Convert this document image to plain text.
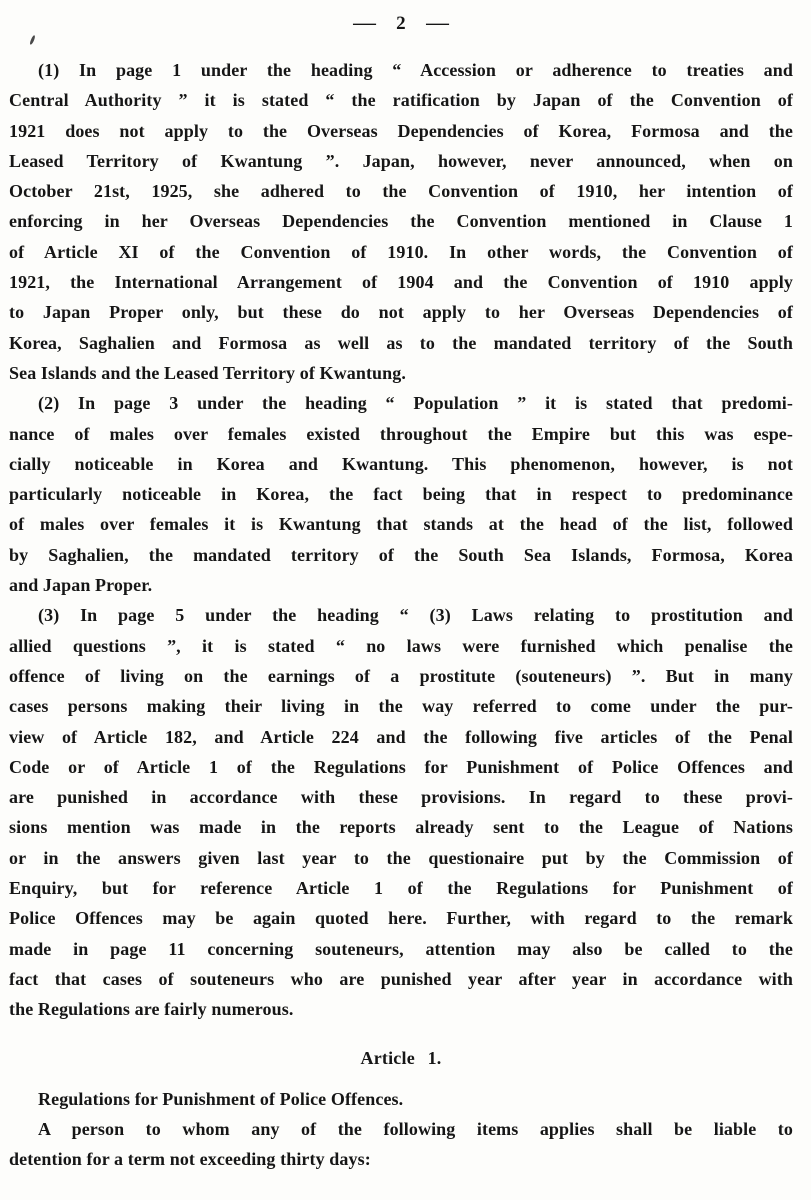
— 2 —
(1) In page 1 under the heading “ Accession or adherence to treaties and
Central Authority ” it is stated “ the ratification by Japan of the Convention of
1921 does not apply to the Overseas Dependencies of Korea, Formosa and the
Leased Territory of Kwantung ”. Japan, however, never announced, when on
October 21st, 1925, she adhered to the Convention of 1910, her intention of
enforcing in her Overseas Dependencies the Convention mentioned in Clause 1
of Article XI of the Convention of 1910. In other words, the Convention of
1921, the International Arrangement of 1904 and the Convention of 1910 apply
to Japan Proper only, but these do not apply to her Overseas Dependencies of
Korea, Saghalien and Formosa as well as to the mandated territory of the South
Sea Islands and the Leased Territory of Kwantung.
(2) In page 3 under the heading “ Population ” it is stated that predomi-
nance of males over females existed throughout the Empire but this was espe-
cially noticeable in Korea and Kwantung. This phenomenon, however, is not
particularly noticeable in Korea, the fact being that in respect to predominance
of males over females it is Kwantung that stands at the head of the list, followed
by Saghalien, the mandated territory of the South Sea Islands, Formosa, Korea
and Japan Proper.
(3) In page 5 under the heading “ (3) Laws relating to prostitution and
allied questions ”, it is stated “ no laws were furnished which penalise the
offence of living on the earnings of a prostitute (souteneurs) ”. But in many
cases persons making their living in the way referred to come under the pur-
view of Article 182, and Article 224 and the following five articles of the Penal
Code or of Article 1 of the Regulations for Punishment of Police Offences and
are punished in accordance with these provisions. In regard to these provi-
sions mention was made in the reports already sent to the League of Nations
or in the answers given last year to the questionaire put by the Commission of
Enquiry, but for reference Article 1 of the Regulations for Punishment of
Police Offences may be again quoted here. Further, with regard to the remark
made in page 11 concerning souteneurs, attention may also be called to the
fact that cases of souteneurs who are punished year after year in accordance with
the Regulations are fairly numerous.
Article 1.
Regulations for Punishment of Police Offences.
A person to whom any of the following items applies shall be liable to
detention for a term not exceeding thirty days:
